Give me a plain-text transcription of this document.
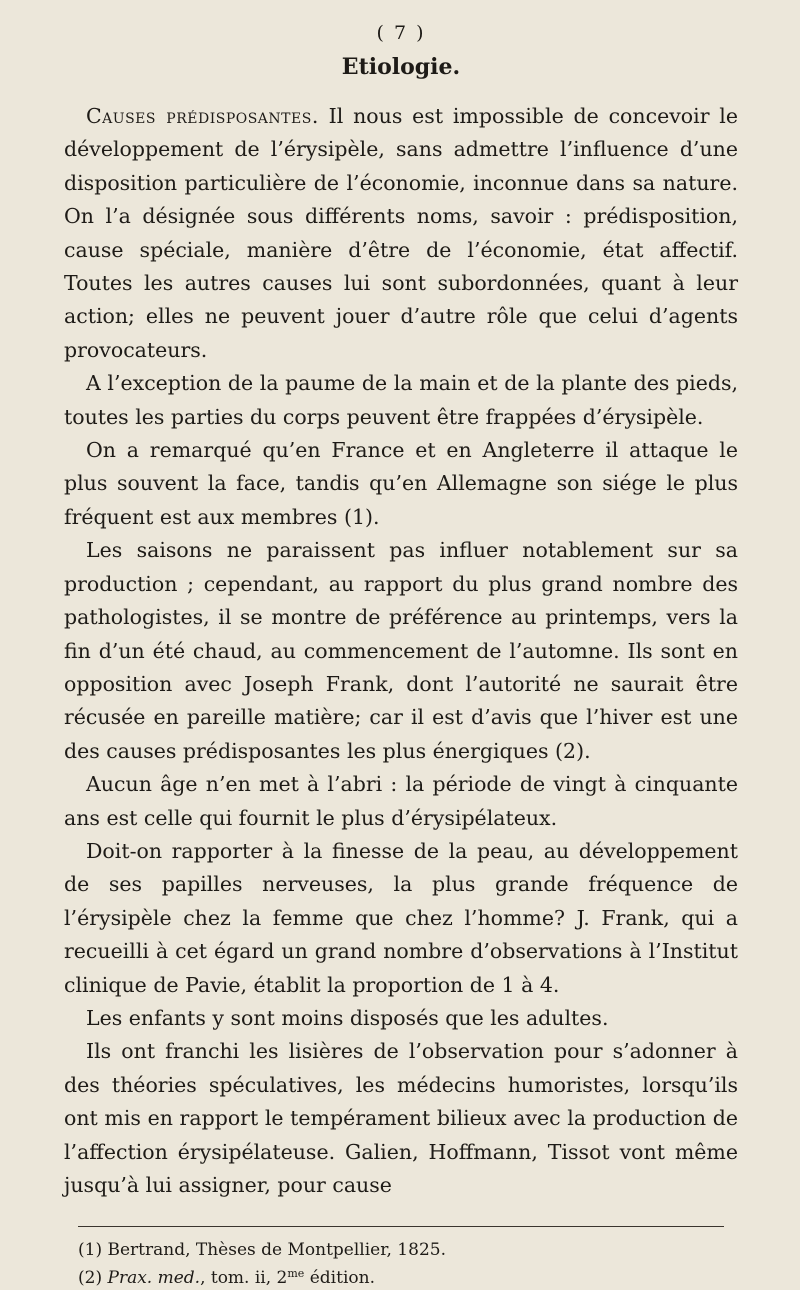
( 7 )
Etiologie.

Causes prédisposantes. Il nous est impossible de concevoir le développement de l’érysipèle, sans admettre l’influence d’une disposition particulière de l’économie, inconnue dans sa nature. On l’a désignée sous différents noms, savoir : prédisposition, cause spéciale, manière d’être de l’économie, état affectif. Toutes les autres causes lui sont subordonnées, quant à leur action; elles ne peuvent jouer d’autre rôle que celui d’agents provocateurs.

A l’exception de la paume de la main et de la plante des pieds, toutes les parties du corps peuvent être frappées d’érysipèle.

On a remarqué qu’en France et en Angleterre il attaque le plus souvent la face, tandis qu’en Allemagne son siége le plus fréquent est aux membres (1).

Les saisons ne paraissent pas influer notablement sur sa production ; cependant, au rapport du plus grand nombre des pathologistes, il se montre de préférence au printemps, vers la fin d’un été chaud, au commencement de l’automne. Ils sont en opposition avec Joseph Frank, dont l’autorité ne saurait être récusée en pareille matière; car il est d’avis que l’hiver est une des causes prédisposantes les plus énergiques (2).

Aucun âge n’en met à l’abri : la période de vingt à cinquante ans est celle qui fournit le plus d’érysipélateux.

Doit-on rapporter à la finesse de la peau, au développement de ses papilles nerveuses, la plus grande fréquence de l’érysipèle chez la femme que chez l’homme? J. Frank, qui a recueilli à cet égard un grand nombre d’observations à l’Institut clinique de Pavie, établit la proportion de 1 à 4.

Les enfants y sont moins disposés que les adultes.

Ils ont franchi les lisières de l’observation pour s’adonner à des théories spéculatives, les médecins humoristes, lorsqu’ils ont mis en rapport le tempérament bilieux avec la production de l’affection érysipélateuse. Galien, Hoffmann, Tissot vont même jusqu’à lui assigner, pour cause

(1) Bertrand, Thèses de Montpellier, 1825.

(2) Prax. med., tom. ii, $2^{me}$ édition.
